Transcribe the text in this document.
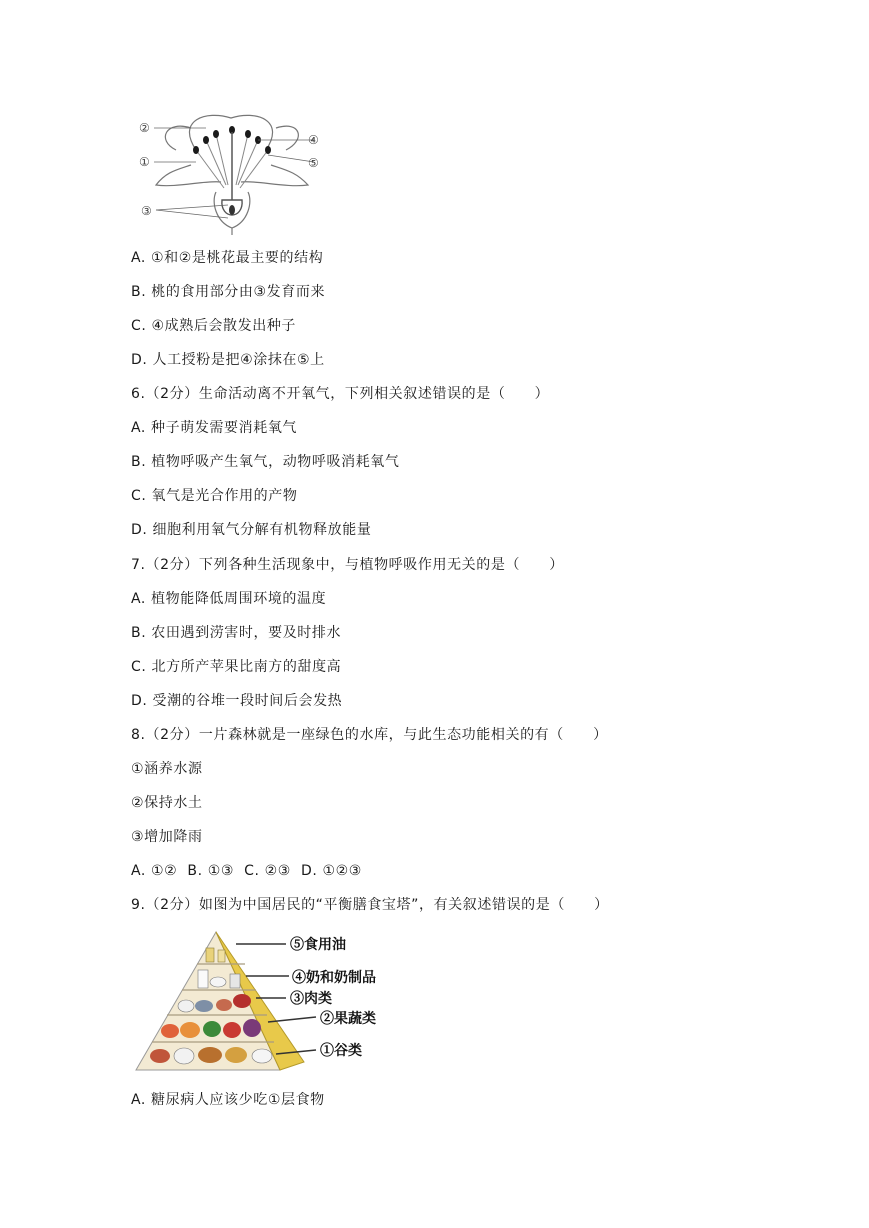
②
①
④
⑤
③
A. ①和②是桃花最主要的结构
B. 桃的食用部分由③发育而来
C. ④成熟后会散发出种子
D. 人工授粉是把④涂抹在⑤上
6.（2分）生命活动离不开氧气，下列相关叙述错误的是（　　）
A. 种子萌发需要消耗氧气
B. 植物呼吸产生氧气，动物呼吸消耗氧气
C. 氧气是光合作用的产物
D. 细胞利用氧气分解有机物释放能量
7.（2分）下列各种生活现象中，与植物呼吸作用无关的是（　　）
A. 植物能降低周围环境的温度
B. 农田遇到涝害时，要及时排水
C. 北方所产苹果比南方的甜度高
D. 受潮的谷堆一段时间后会发热
8.（2分）一片森林就是一座绿色的水库，与此生态功能相关的有（　　）
①涵养水源
②保持水土
③增加降雨
A. ①②  B. ①③  C. ②③  D. ①②③
9.（2分）如图为中国居民的“平衡膳食宝塔”，有关叙述错误的是（　　）
⑤食用油
④奶和奶制品
③肉类
②果蔬类
①谷类
A. 糖尿病人应该少吃①层食物
